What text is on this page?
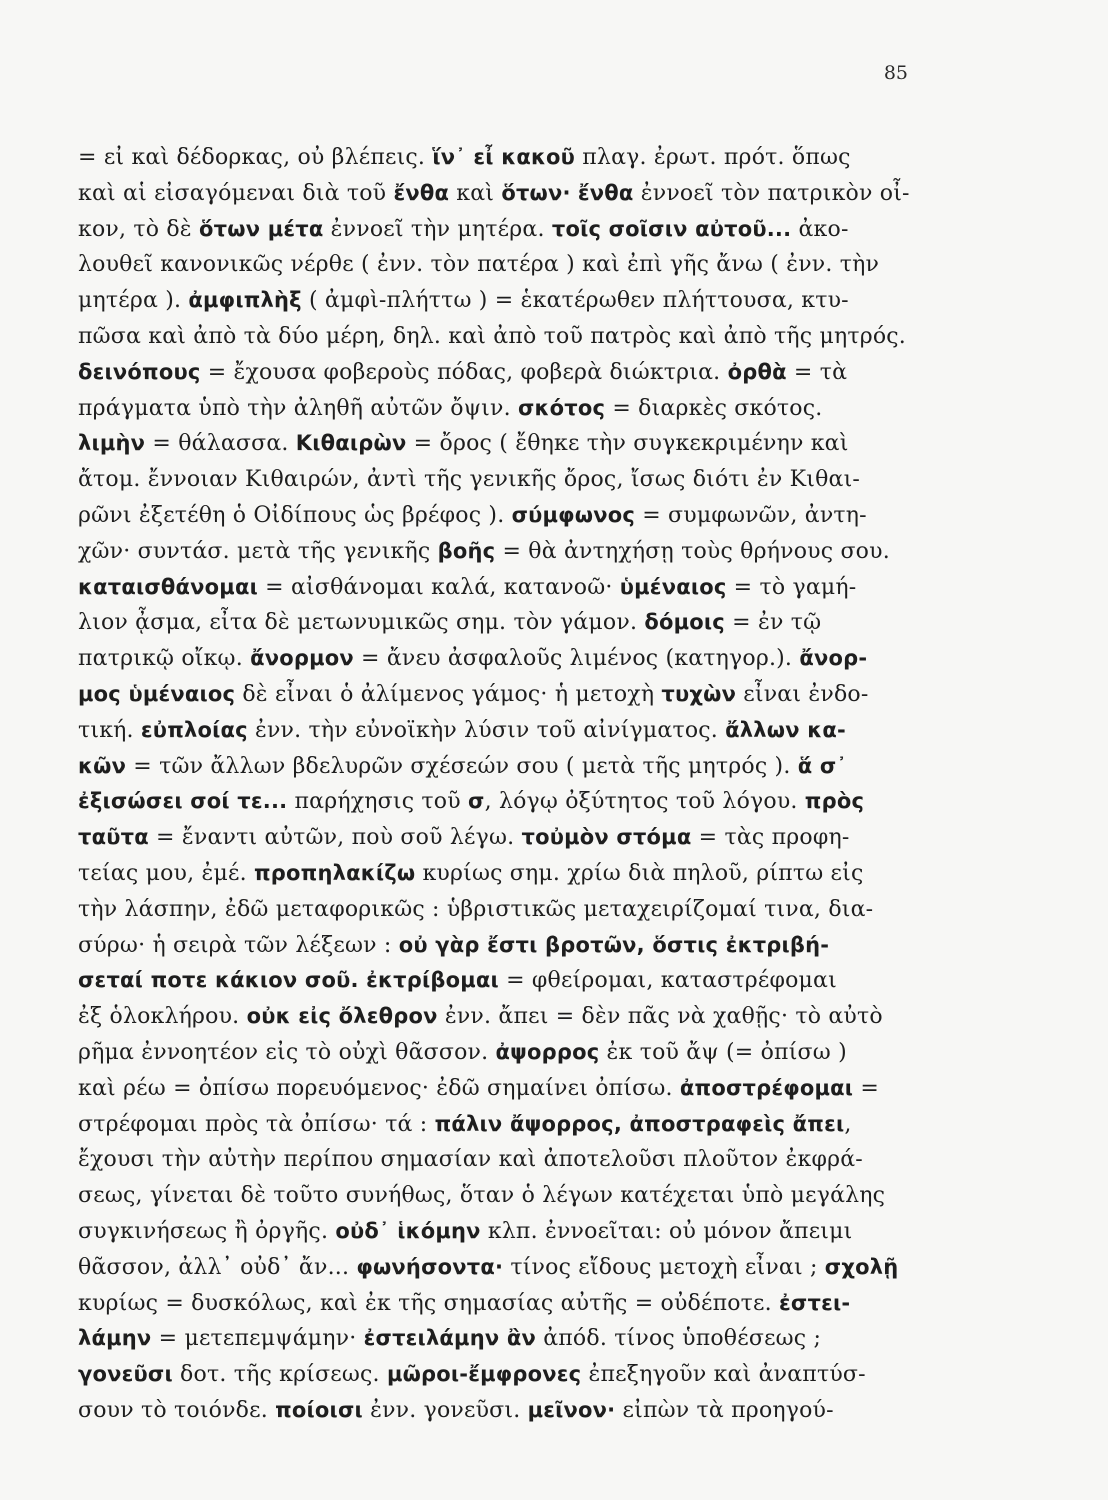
85
= εἰ καὶ δέδορκας, οὐ βλέπεις. ἵν᾽ εἶ κακοῦ πλαγ. ἐρωτ. πρότ. ὅπως
καὶ αἱ εἰσαγόμεναι διὰ τοῦ ἔνθα καὶ ὅτων· ἔνθα ἐννοεῖ τὸν πατρικὸν οἶ-
κον, τὸ δὲ ὅτων μέτα ἐννοεῖ τὴν μητέρα. τοῖς σοῖσιν αὐτοῦ... ἀκο-
λουθεῖ κανονικῶς νέρθε ( ἐνν. τὸν πατέρα ) καὶ ἐπὶ γῆς ἄνω ( ἐνν. τὴν
μητέρα ). ἀμφιπλὴξ ( ἀμφὶ-πλήττω ) = ἑκατέρωθεν πλήττουσα, κτυ-
πῶσα καὶ ἀπὸ τὰ δύο μέρη, δηλ. καὶ ἀπὸ τοῦ πατρὸς καὶ ἀπὸ τῆς μητρός.
δεινόπους = ἔχουσα φοβεροὺς πόδας, φοβερὰ διώκτρια. ὀρθὰ = τὰ
πράγματα ὑπὸ τὴν ἀληθῆ αὐτῶν ὄψιν. σκότος = διαρκὲς σκότος.
λιμὴν = θάλασσα. Κιθαιρὼν = ὄρος ( ἔθηκε τὴν συγκεκριμένην καὶ
ἄτομ. ἔννοιαν Κιθαιρών, ἀντὶ τῆς γενικῆς ὄρος, ἴσως διότι ἐν Κιθαι-
ρῶνι ἐξετέθη ὁ Οἰδίπους ὡς βρέφος ). σύμφωνος = συμφωνῶν, ἀντη-
χῶν· συντάσ. μετὰ τῆς γενικῆς βοῆς = θὰ ἀντηχήσῃ τοὺς θρήνους σου.
καταισθάνομαι = αἰσθάνομαι καλά, κατανοῶ· ὑμέναιος = τὸ γαμή-
λιον ᾆσμα, εἶτα δὲ μετωνυμικῶς σημ. τὸν γάμον. δόμοις = ἐν τῷ
πατρικῷ οἴκῳ. ἄνορμον = ἄνευ ἀσφαλοῦς λιμένος (κατηγορ.). ἄνορ-
μος ὑμέναιος δὲ εἶναι ὁ ἀλίμενος γάμος· ἡ μετοχὴ τυχὼν εἶναι ἐνδο-
τική. εὐπλοίας ἐνν. τὴν εὐνοϊκὴν λύσιν τοῦ αἰνίγματος. ἄλλων κα-
κῶν = τῶν ἄλλων βδελυρῶν σχέσεών σου ( μετὰ τῆς μητρός ). ἅ σ᾽
ἐξισώσει σοί τε... παρήχησις τοῦ σ, λόγῳ ὀξύτητος τοῦ λόγου. πρὸς
ταῦτα = ἔναντι αὐτῶν, ποὺ σοῦ λέγω. τοὐμὸν στόμα = τὰς προφη-
τείας μου, ἐμέ. προπηλακίζω κυρίως σημ. χρίω διὰ πηλοῦ, ρίπτω εἰς
τὴν λάσπην, ἐδῶ μεταφορικῶς : ὑβριστικῶς μεταχειρίζομαί τινα, δια-
σύρω· ἡ σειρὰ τῶν λέξεων : οὐ γὰρ ἔστι βροτῶν, ὅστις ἐκτριβή-
σεταί ποτε κάκιον σοῦ. ἐκτρίβομαι = φθείρομαι, καταστρέφομαι
ἐξ ὁλοκλήρου. οὐκ εἰς ὄλεθρον ἐνν. ἄπει = δὲν πᾶς νὰ χαθῇς· τὸ αὐτὸ
ρῆμα ἐννοητέον εἰς τὸ οὐχὶ θᾶσσον. ἀψορρος ἐκ τοῦ ἄψ (= ὀπίσω )
καὶ ρέω = ὀπίσω πορευόμενος· ἐδῶ σημαίνει ὀπίσω. ἀποστρέφομαι =
στρέφομαι πρὸς τὰ ὀπίσω· τά : πάλιν ἄψορρος, ἀποστραφεὶς ἄπει,
ἔχουσι τὴν αὐτὴν περίπου σημασίαν καὶ ἀποτελοῦσι πλοῦτον ἐκφρά-
σεως, γίνεται δὲ τοῦτο συνήθως, ὅταν ὁ λέγων κατέχεται ὑπὸ μεγάλης
συγκινήσεως ἢ ὀργῆς. οὐδ᾽ ἱκόμην κλπ. ἐννοεῖται: οὐ μόνον ἄπειμι
θᾶσσον, ἀλλ᾽ οὐδ᾽ ἄν... φωνήσοντα· τίνος εἴδους μετοχὴ εἶναι ; σχολῇ
κυρίως = δυσκόλως, καὶ ἐκ τῆς σημασίας αὐτῆς = οὐδέποτε. ἐστει-
λάμην = μετεπεμψάμην· ἐστειλάμην ἂν ἀπόδ. τίνος ὑποθέσεως ;
γονεῦσι δοτ. τῆς κρίσεως. μῶροι-ἔμφρονες ἐπεξηγοῦν καὶ ἀναπτύσ-
σουν τὸ τοιόνδε. ποίοισι ἐνν. γονεῦσι. μεῖνον· εἰπὼν τὰ προηγού-
